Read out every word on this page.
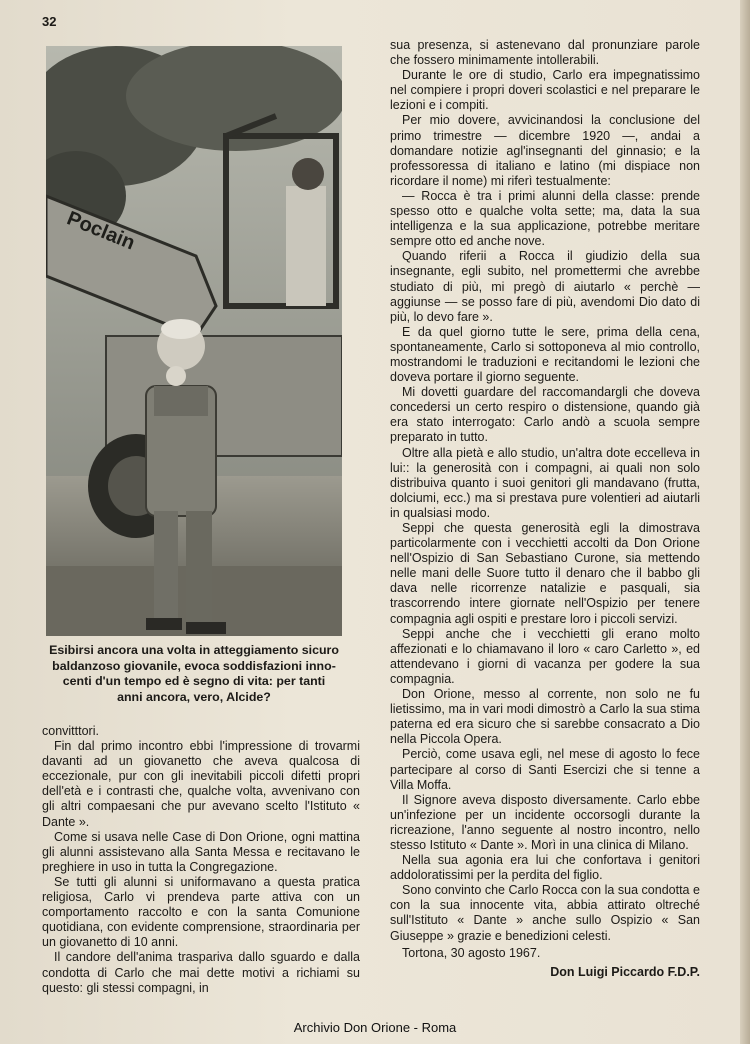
32
Poclain

Esibirsi ancora una volta in atteggiamento sicuro
baldanzoso giovanile, evoca soddisfazioni inno-
centi d'un tempo ed è segno di vita: per tanti
anni ancora, vero, Alcide?

convitttori.

Fin dal primo incontro ebbi l'impressione di trovarmi davanti ad un giovanetto che aveva qualcosa di eccezionale, pur con gli inevitabili piccoli difetti propri dell'età e i contrasti che, qualche volta, avvenivano con gli altri compaesani che pur avevano scelto l'Istituto « Dante ».

Come si usava nelle Case di Don Orione, ogni mattina gli alunni assistevano alla Santa Messa e recitavano le preghiere in uso in tutta la Congregazione.

Se tutti gli alunni si uniformavano a questa pratica religiosa, Carlo vi prendeva parte attiva con un comportamento raccolto e con la santa Comunione quotidiana, con evidente comprensione, straordinaria per un giovanetto di 10 anni.

Il candore dell'anima traspariva dallo sguardo e dalla condotta di Carlo che mai dette motivi a richiami su questo: gli stessi compagni, in

sua presenza, si astenevano dal pronunziare parole che fossero minimamente intollerabili.

Durante le ore di studio, Carlo era impegnatissimo nel compiere i propri doveri scolastici e nel preparare le lezioni e i compiti.

Per mio dovere, avvicinandosi la conclusione del primo trimestre — dicembre 1920 —, andai a domandare notizie agl'insegnanti del ginnasio; e la professoressa di italiano e latino (mi dispiace non ricordare il nome) mi riferì testualmente:

— Rocca è tra i primi alunni della classe: prende spesso otto e qualche volta sette; ma, data la sua intelligenza e la sua applicazione, potrebbe meritare sempre otto ed anche nove.

Quando riferii a Rocca il giudizio della sua insegnante, egli subito, nel promettermi che avrebbe studiato di più, mi pregò di aiutarlo « perchè — aggiunse — se posso fare di più, avendomi Dio dato di più, lo devo fare ».

E da quel giorno tutte le sere, prima della cena, spontaneamente, Carlo si sottoponeva al mio controllo, mostrandomi le traduzioni e recitandomi le lezioni che doveva portare il giorno seguente.

Mi dovetti guardare del raccomandargli che doveva concedersi un certo respiro o distensione, quando già era stato interrogato: Carlo andò a scuola sempre preparato in tutto.

Oltre alla pietà e allo studio, un'altra dote eccelleva in lui:: la generosità con i compagni, ai quali non solo distribuiva quanto i suoi genitori gli mandavano (frutta, dolciumi, ecc.) ma si prestava pure volentieri ad aiutarli in qualsiasi modo.

Seppi che questa generosità egli la dimostrava particolarmente con i vecchietti accolti da Don Orione nell'Ospizio di San Sebastiano Curone, sia mettendo nelle mani delle Suore tutto il denaro che il babbo gli dava nelle ricorrenze natalizie e pasquali, sia trascorrendo intere giornate nell'Ospizio per tenere compagnia agli ospiti e prestare loro i piccoli servizi.

Seppi anche che i vecchietti gli erano molto affezionati e lo chiamavano il loro « caro Carletto », ed attendevano i giorni di vacanza per godere la sua compagnia.

Don Orione, messo al corrente, non solo ne fu lietissimo, ma in vari modi dimostrò a Carlo la sua stima paterna ed era sicuro che si sarebbe consacrato a Dio nella Piccola Opera.

Perciò, come usava egli, nel mese di agosto lo fece partecipare al corso di Santi Esercizi che si tenne a Villa Moffa.

Il Signore aveva disposto diversamente. Carlo ebbe un'infezione per un incidente occorsogli durante la ricreazione, l'anno seguente al nostro incontro, nello stesso Istituto « Dante ». Morì in una clinica di Milano.

Nella sua agonia era lui che confortava i genitori addoloratissimi per la perdita del figlio.

Sono convinto che Carlo Rocca con la sua condotta e con la sua innocente vita, abbia attirato oltreché sull'Istituto « Dante » anche sullo Ospizio « San Giuseppe » grazie e benedizioni celesti.

Tortona, 30 agosto 1967.

Don Luigi Piccardo F.D.P.

Archivio Don Orione - Roma
